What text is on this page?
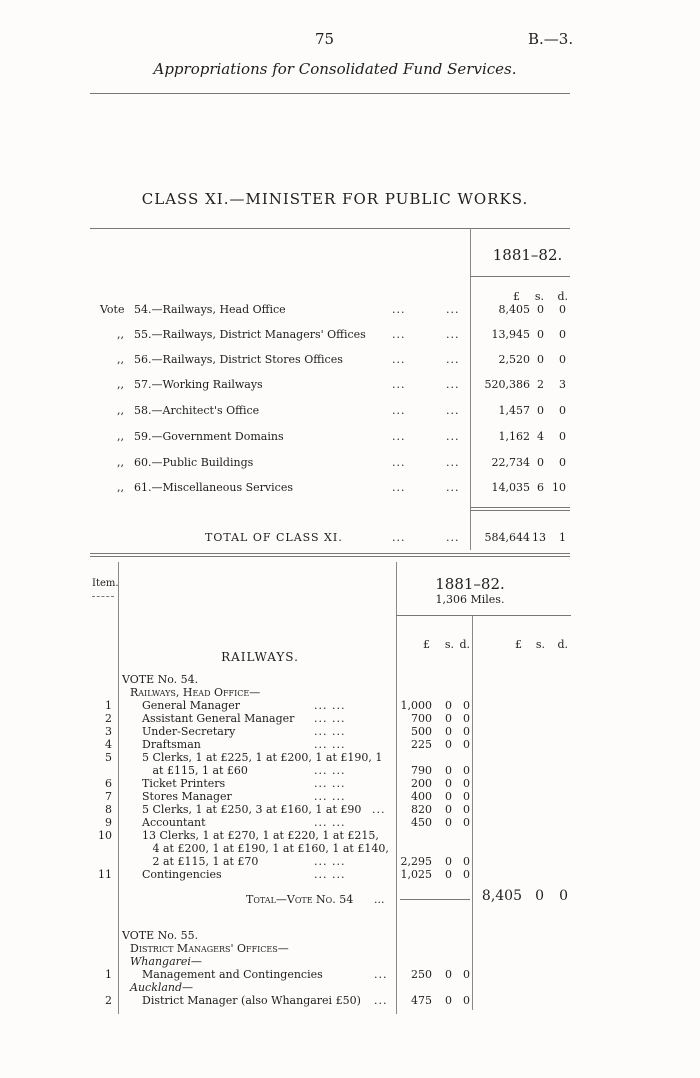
75	B.—3.
Appropriations for Consolidated Fund Services.
CLASS XI.—MINISTER FOR PUBLIC WORKS.
1881–82.
£ s.	d.
Vote 54.—Railways, Head Office	...	...	8,405 0	0
,, 55.—Railways, District Managers' Offices ...	...	13,945 0	0
,, 56.—Railways, District Stores Offices	...	...	2,520 0	0
,, 57.—Working Railways	...	...	520,386 2	3
,, 58.—Architect's Office	...	...	1,457 0	0
,, 59.—Government Domains	...	...	1,162 4	0
,, 60.—Public Buildings	...	...	22,734 0	0
,, 61.—Miscellaneous Services	...	...	14,035 6 10
TOTAL OF CLASS XI.	...	...	584,644 13	1
Item.	1881–82.
1,306 Miles.
£ s. d.	£ s.	d.
RAILWAYS.
VOTE No. 54.
Railways, Head Office—
1	General Manager	... ...	1,000 0 0
2	Assistant General Manager ... ...	700 0 0
3	Under-Secretary	... ...	500 0 0
4	Draftsman	... ...	225 0 0
5	5 Clerks, 1 at £225, 1 at £200, 1 at £190, 1
at £115, 1 at £60	... ...	790 0 0
6	Ticket Printers	... ...	200 0 0
7	Stores Manager	... ...	400 0 0
8	5 Clerks, 1 at £250, 3 at £160, 1 at £90 ...	820 0 0
9	Accountant	... ...	450 0 0
10	13 Clerks, 1 at £270, 1 at £220, 1 at £215,
4 at £200, 1 at £190, 1 at £160, 1 at £140,
2 at £115, 1 at £70	... ...	2,295 0 0
11	Contingencies	... ...	1,025 0 0
Total—Vote No. 54 ...	8,405 0 0
VOTE No. 55.
District Managers' Offices—
Whangarei—
1	Management and Contingencies	...	250 0 0
Auckland—
2	District Manager (also Whangarei £50) ...	475 0 0
